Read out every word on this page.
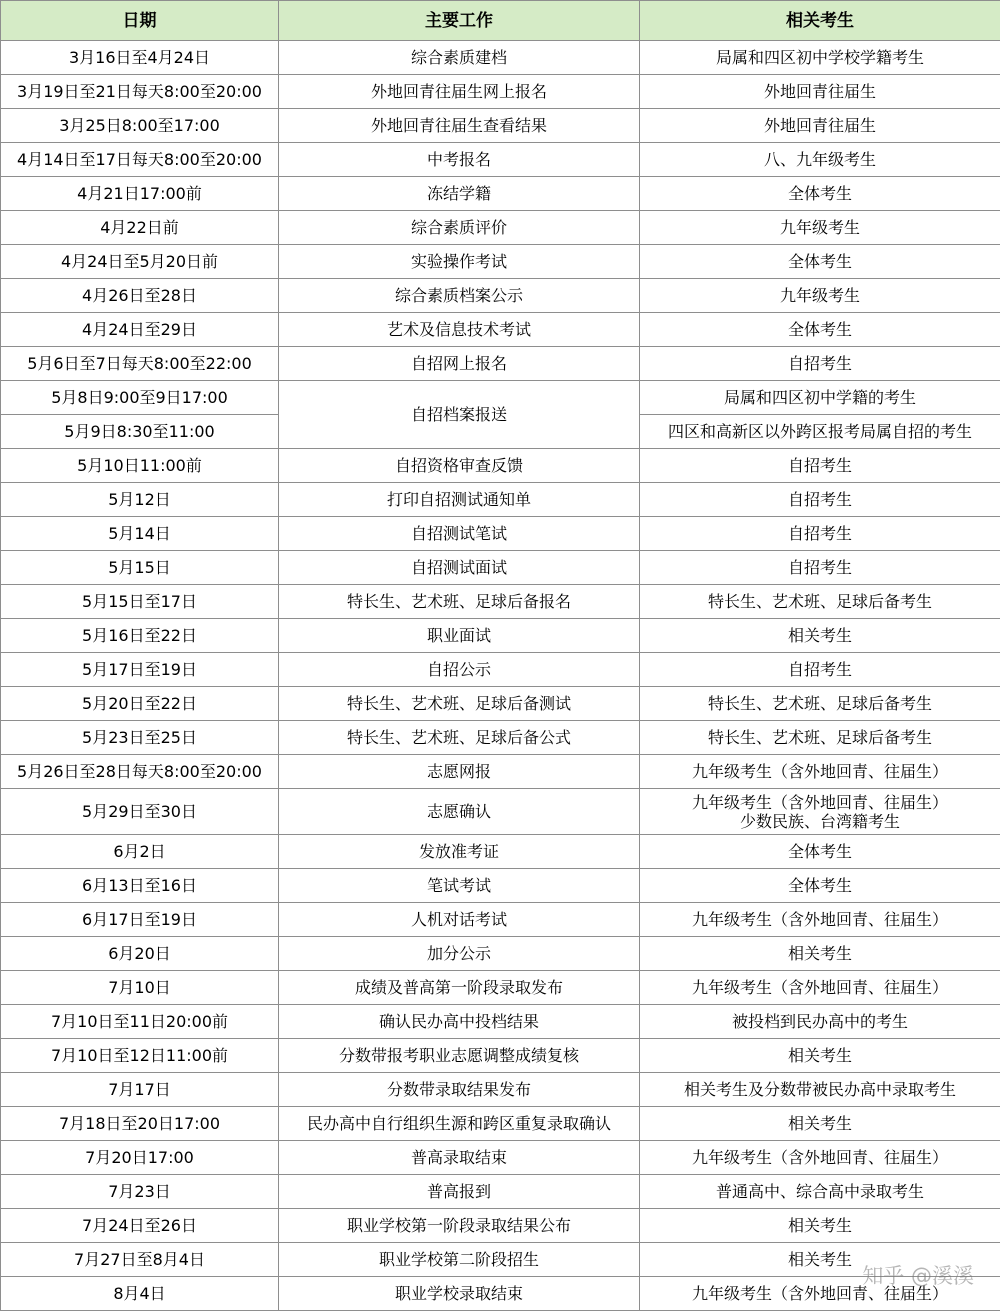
日期	主要工作	相关考生
3月16日至4月24日	综合素质建档	局属和四区初中学校学籍考生
3月19日至21日每天8:00至20:00	外地回青往届生网上报名	外地回青往届生
3月25日8:00至17:00	外地回青往届生查看结果	外地回青往届生
4月14日至17日每天8:00至20:00	中考报名	八、九年级考生
4月21日17:00前	冻结学籍	全体考生
4月22日前	综合素质评价	九年级考生
4月24日至5月20日前	实验操作考试	全体考生
4月26日至28日	综合素质档案公示	九年级考生
4月24日至29日	艺术及信息技术考试	全体考生
5月6日至7日每天8:00至22:00	自招网上报名	自招考生
5月8日9:00至9日17:00	自招档案报送	局属和四区初中学籍的考生
5月9日8:30至11:00		四区和高新区以外跨区报考局属自招的考生
5月10日11:00前	自招资格审查反馈	自招考生
5月12日	打印自招测试通知单	自招考生
5月14日	自招测试笔试	自招考生
5月15日	自招测试面试	自招考生
5月15日至17日	特长生、艺术班、足球后备报名	特长生、艺术班、足球后备考生
5月16日至22日	职业面试	相关考生
5月17日至19日	自招公示	自招考生
5月20日至22日	特长生、艺术班、足球后备测试	特长生、艺术班、足球后备考生
5月23日至25日	特长生、艺术班、足球后备公式	特长生、艺术班、足球后备考生
5月26日至28日每天8:00至20:00	志愿网报	九年级考生（含外地回青、往届生）
5月29日至30日	志愿确认	九年级考生（含外地回青、往届生）
少数民族、台湾籍考生
6月2日	发放准考证	全体考生
6月13日至16日	笔试考试	全体考生
6月17日至19日	人机对话考试	九年级考生（含外地回青、往届生）
6月20日	加分公示	相关考生
7月10日	成绩及普高第一阶段录取发布	九年级考生（含外地回青、往届生）
7月10日至11日20:00前	确认民办高中投档结果	被投档到民办高中的考生
7月10日至12日11:00前	分数带报考职业志愿调整成绩复核	相关考生
7月17日	分数带录取结果发布	相关考生及分数带被民办高中录取考生
7月18日至20日17:00	民办高中自行组织生源和跨区重复录取确认	相关考生
7月20日17:00	普高录取结束	九年级考生（含外地回青、往届生）
7月23日	普高报到	普通高中、综合高中录取考生
7月24日至26日	职业学校第一阶段录取结果公布	相关考生
7月27日至8月4日	职业学校第二阶段招生	相关考生
8月4日	职业学校录取结束	九年级考生（含外地回青、往届生）
知乎 @溪溪
